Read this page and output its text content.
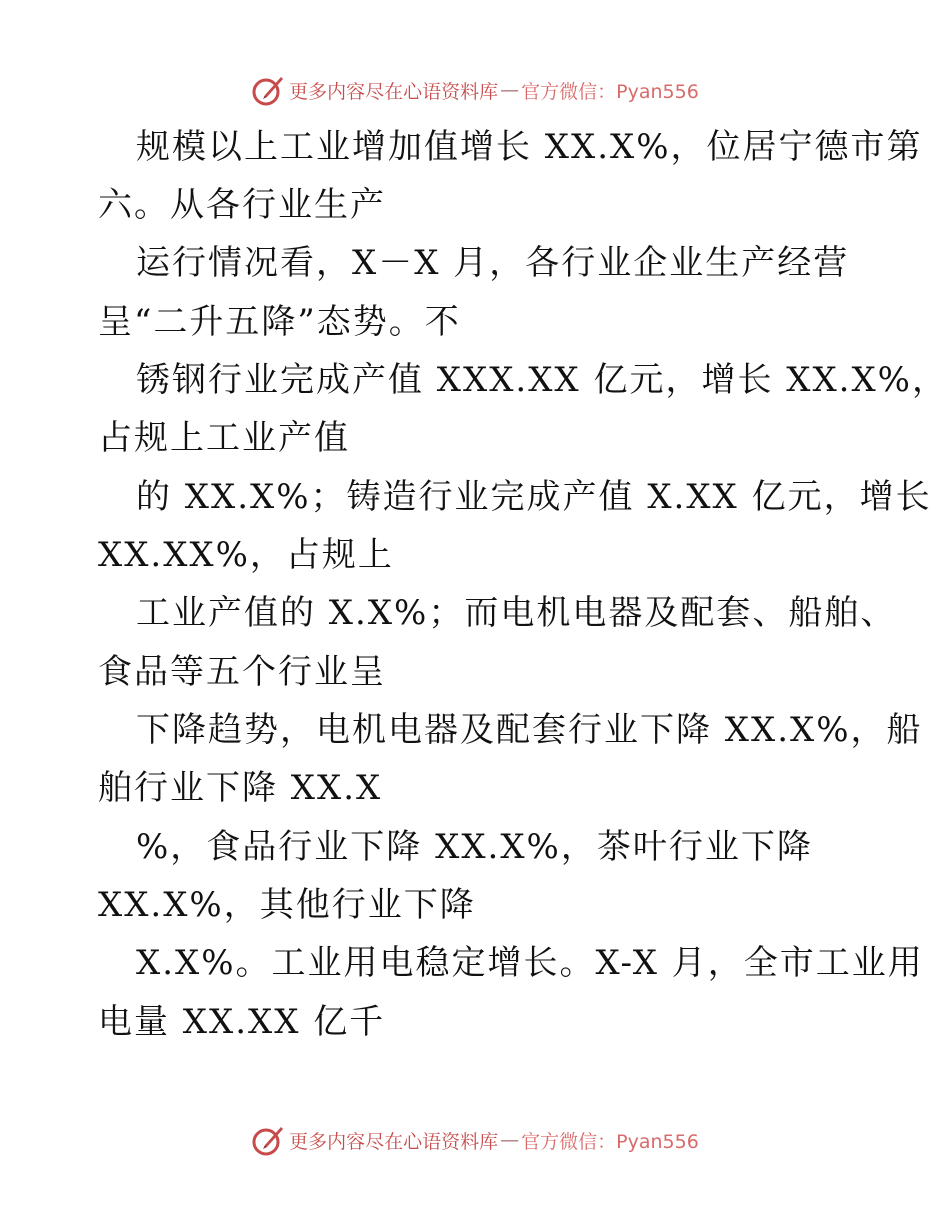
更多内容尽在心语资料库 — 官方微信：Pyan556
规模以上工业增加值增长 XX.X%，位居宁德市第
六。从各行业生产
运行情况看，X－X 月，各行业企业生产经营
呈“二升五降”态势。不
锈钢行业完成产值 XXX.XX 亿元，增长 XX.X%，
占规上工业产值
的 XX.X%；铸造行业完成产值 X.XX 亿元，增长
XX.XX%，占规上
工业产值的 X.X%；而电机电器及配套、船舶、
食品等五个行业呈
下降趋势，电机电器及配套行业下降 XX.X%，船
舶行业下降 XX.X
%，食品行业下降 XX.X%，茶叶行业下降
XX.X%，其他行业下降
X.X%。工业用电稳定增长。X-X 月，全市工业用
电量 XX.XX 亿千
更多内容尽在心语资料库 — 官方微信：Pyan556
